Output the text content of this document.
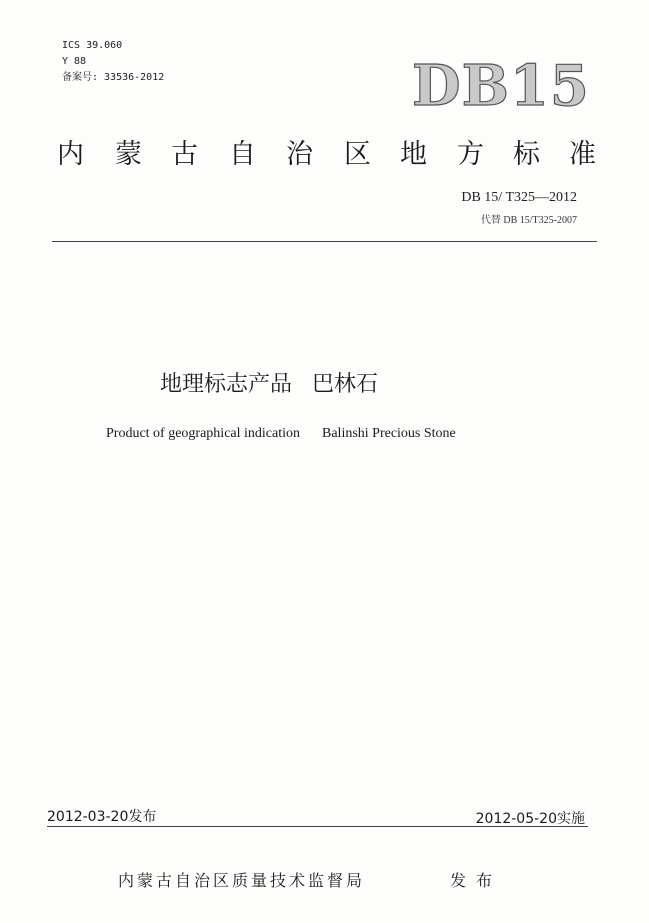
ICS 39.060
Y 88
备案号: 33536-2012	DB15
内 蒙 古 自 治 区 地 方 标 准
DB 15/ T325—2012
代替 DB 15/T325-2007
地理标志产品 巴林石
Product of geographical indication Balinshi Precious Stone
2012-03-20发布	2012-05-20实施
内蒙古自治区质量技术监督局	发布
